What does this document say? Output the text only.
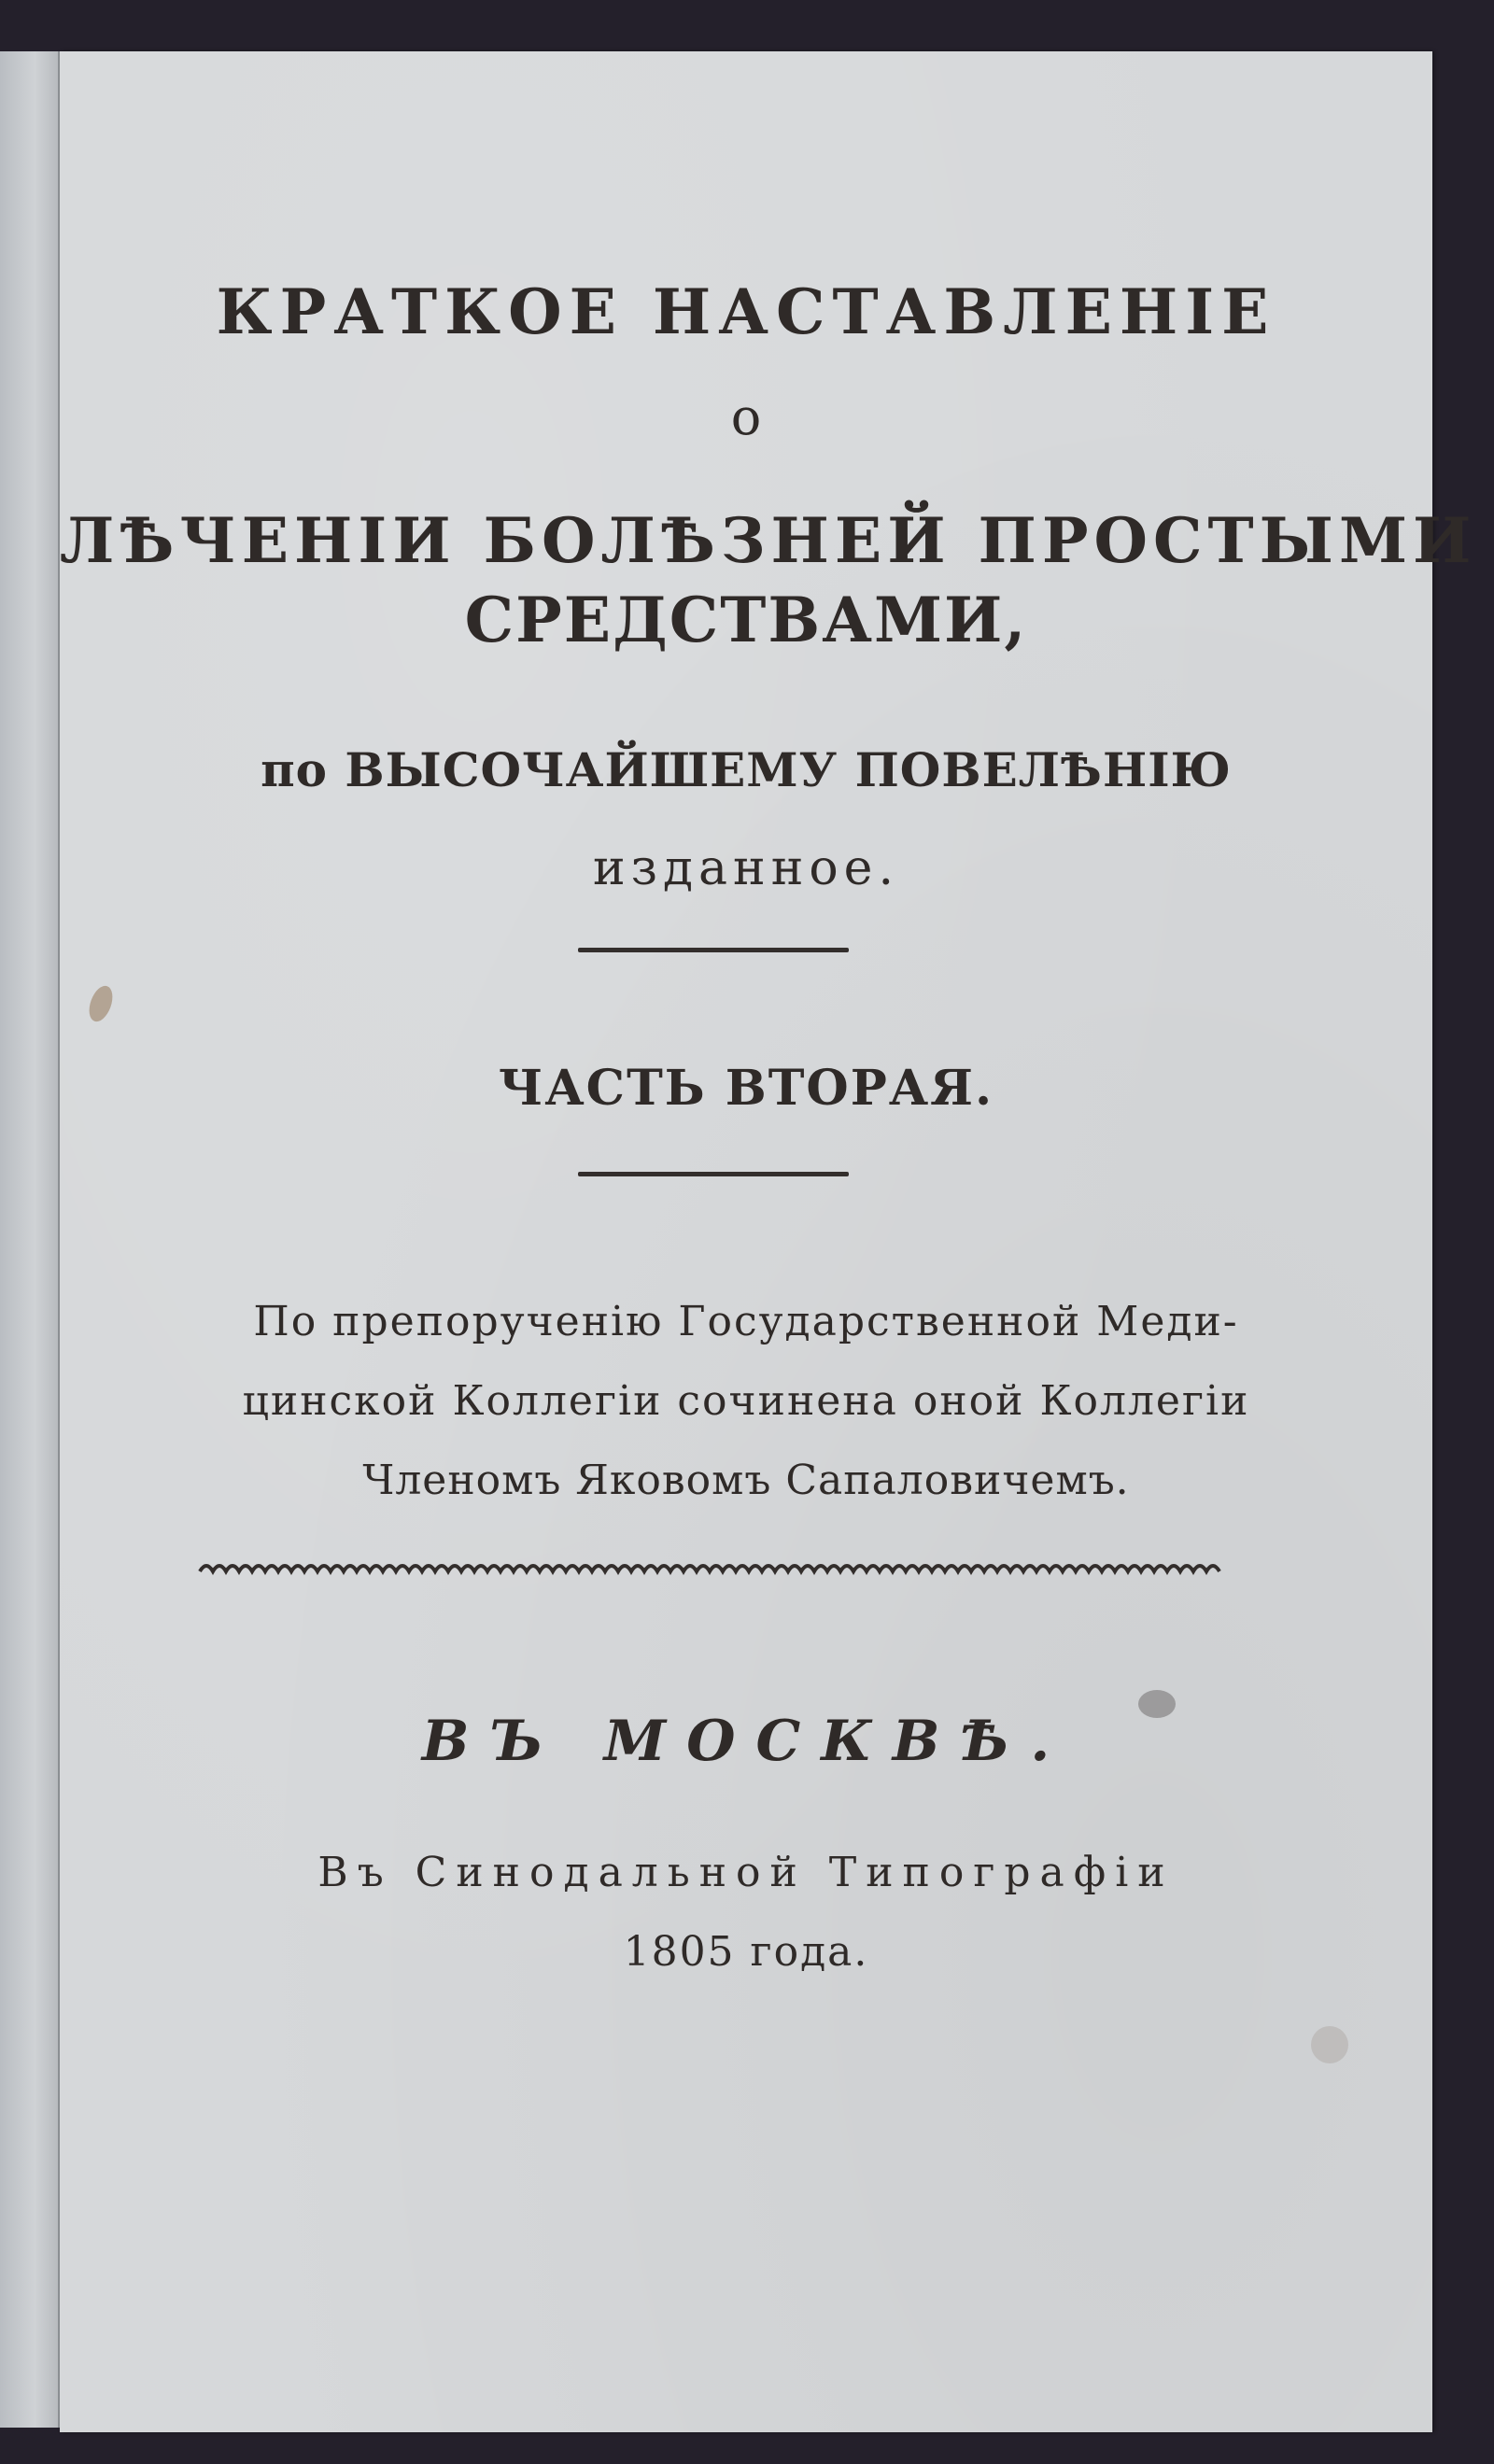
КРАТКОЕ НАСТАВЛЕНІЕ
о
ЛѢЧЕНІИ БОЛѢЗНЕЙ ПРОСТЫМИ
СРЕДСТВАМИ,
по ВЫСОЧАЙШЕМУ ПОВЕЛѢНІЮ
изданное.
ЧАСТЬ ВТОРАЯ.
По препорученію Государственной Меди-
цинской Коллегіи сочинена оной Коллегіи
Членомъ Яковомъ Сапаловичемъ.
ВЪ МОСКВѢ.
Въ Синодальной Типографіи
1805 года.
